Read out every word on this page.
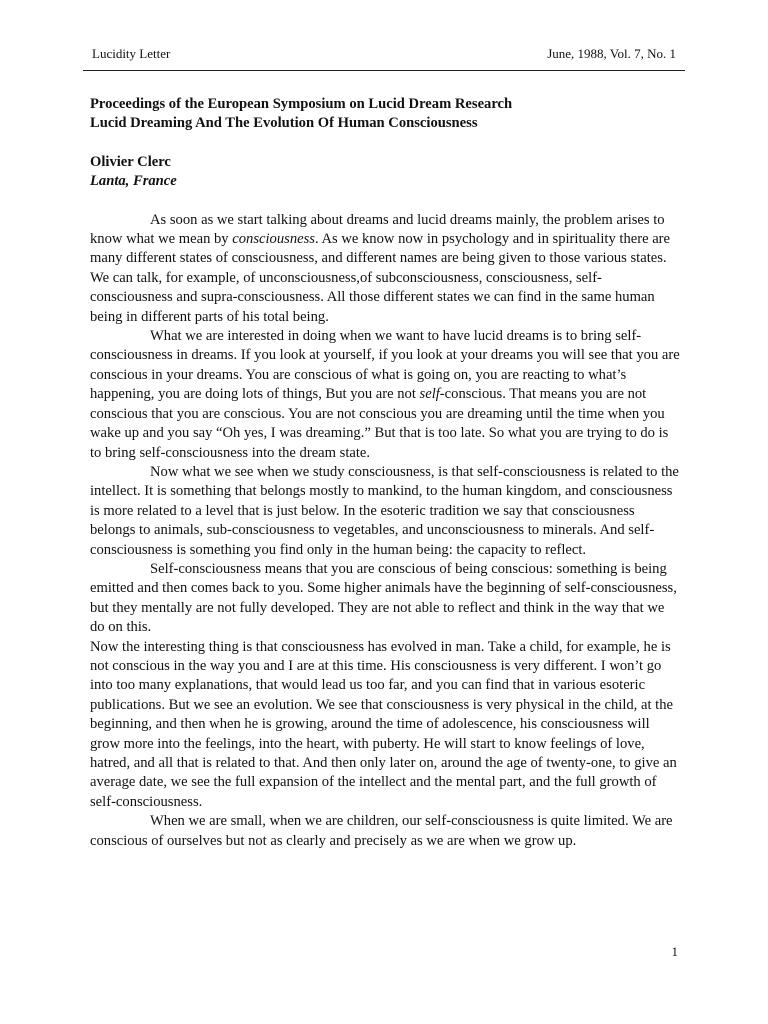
Lucidity Letter	June, 1988, Vol. 7, No. 1
Proceedings of the European Symposium on Lucid Dream Research
Lucid Dreaming And The Evolution Of Human Consciousness
Olivier Clerc
Lanta, France

As soon as we start talking about dreams and lucid dreams mainly, the problem arises to know what we mean by consciousness. As we know now in psychology and in spirituality there are many different states of consciousness, and different names are being given to those various states. We can talk, for example, of unconsciousness,of subconsciousness, consciousness, self-consciousness and supra-consciousness. All those different states we can find in the same human being in different parts of his total being.

What we are interested in doing when we want to have lucid dreams is to bring self-consciousness in dreams. If you look at yourself, if you look at your dreams you will see that you are conscious in your dreams. You are conscious of what is going on, you are reacting to what’s happening, you are doing lots of things, But you are not self-conscious. That means you are not conscious that you are conscious. You are not conscious you are dreaming until the time when you wake up and you say “Oh yes, I was dreaming.” But that is too late. So what you are trying to do is to bring self-consciousness into the dream state.

Now what we see when we study consciousness, is that self-consciousness is related to the intellect. It is something that belongs mostly to mankind, to the human kingdom, and consciousness is more related to a level that is just below. In the esoteric tradition we say that consciousness belongs to animals, sub-consciousness to vegetables, and unconsciousness to minerals. And self-consciousness is something you find only in the human being: the capacity to reflect.

Self-consciousness means that you are conscious of being conscious: something is being emitted and then comes back to you. Some higher animals have the beginning of self-consciousness, but they mentally are not fully developed. They are not able to reflect and think in the way that we do on this.

Now the interesting thing is that consciousness has evolved in man. Take a child, for example, he is not conscious in the way you and I are at this time. His consciousness is very different. I won’t go into too many explanations, that would lead us too far, and you can find that in various esoteric publications. But we see an evolution. We see that consciousness is very physical in the child, at the beginning, and then when he is growing, around the time of adolescence, his consciousness will grow more into the feelings, into the heart, with puberty. He will start to know feelings of love, hatred, and all that is related to that. And then only later on, around the age of twenty-one, to give an average date, we see the full expansion of the intellect and the mental part, and the full growth of self-consciousness.

When we are small, when we are children, our self-consciousness is quite limited. We are conscious of ourselves but not as clearly and precisely as we are when we grow up.

1
